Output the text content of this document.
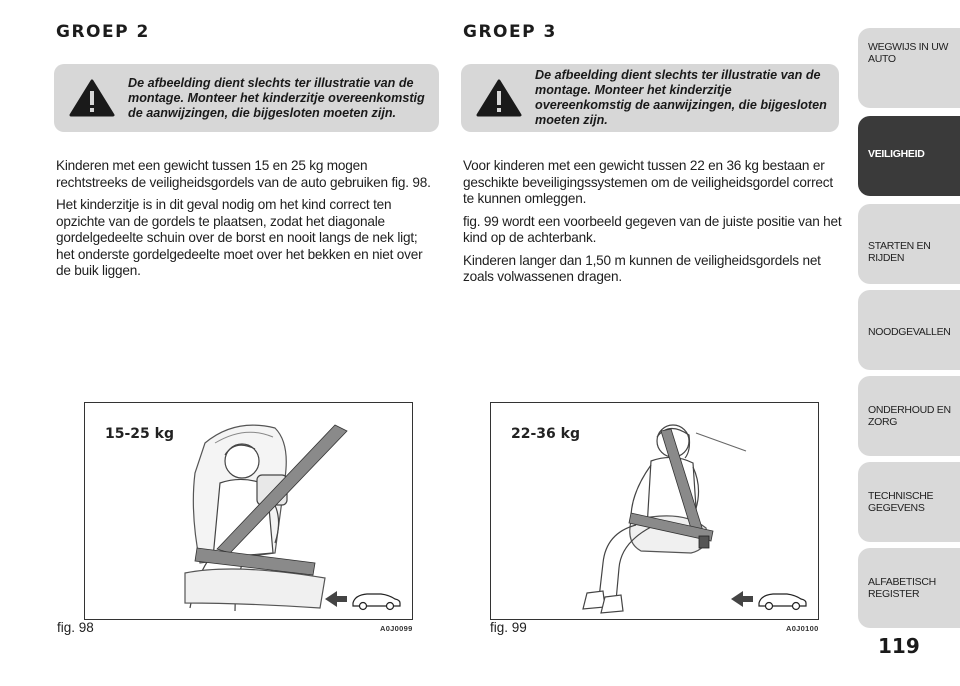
GROEP 2
De afbeelding dient slechts ter illustratie van de montage. Monteer het kinderzitje overeenkomstig de aanwijzingen, die bijgesloten moeten zijn.

Kinderen met een gewicht tussen 15 en 25 kg mogen rechtstreeks de veiligheidsgordels van de auto gebruiken fig. 98.

Het kinderzitje is in dit geval nodig om het kind correct ten opzichte van de gordels te plaatsen, zodat het diagonale gordelgedeelte schuin over de borst en nooit langs de nek ligt; het onderste gordelgedeelte moet over het bekken en niet over de buik liggen.

15-25 kg
fig. 98	A0J0099
GROEP 3
De afbeelding dient slechts ter illustratie van de montage. Monteer het kinderzitje overeenkomstig de aanwijzingen, die bijgesloten moeten zijn.

Voor kinderen met een gewicht tussen 22 en 36 kg bestaan er geschikte beveiligingssystemen om de veiligheidsgordel correct te kunnen omleggen.

fig. 99 wordt een voorbeeld gegeven van de juiste positie van het kind op de achterbank.

Kinderen langer dan 1,50 m kunnen de veiligheidsgordels net zoals volwassenen dragen.

22-36 kg
fig. 99	A0J0100
WEGWIJS IN UW AUTO
VEILIGHEID
STARTEN EN RIJDEN
NOODGEVALLEN
ONDERHOUD EN ZORG
TECHNISCHE GEGEVENS
ALFABETISCH REGISTER
119
